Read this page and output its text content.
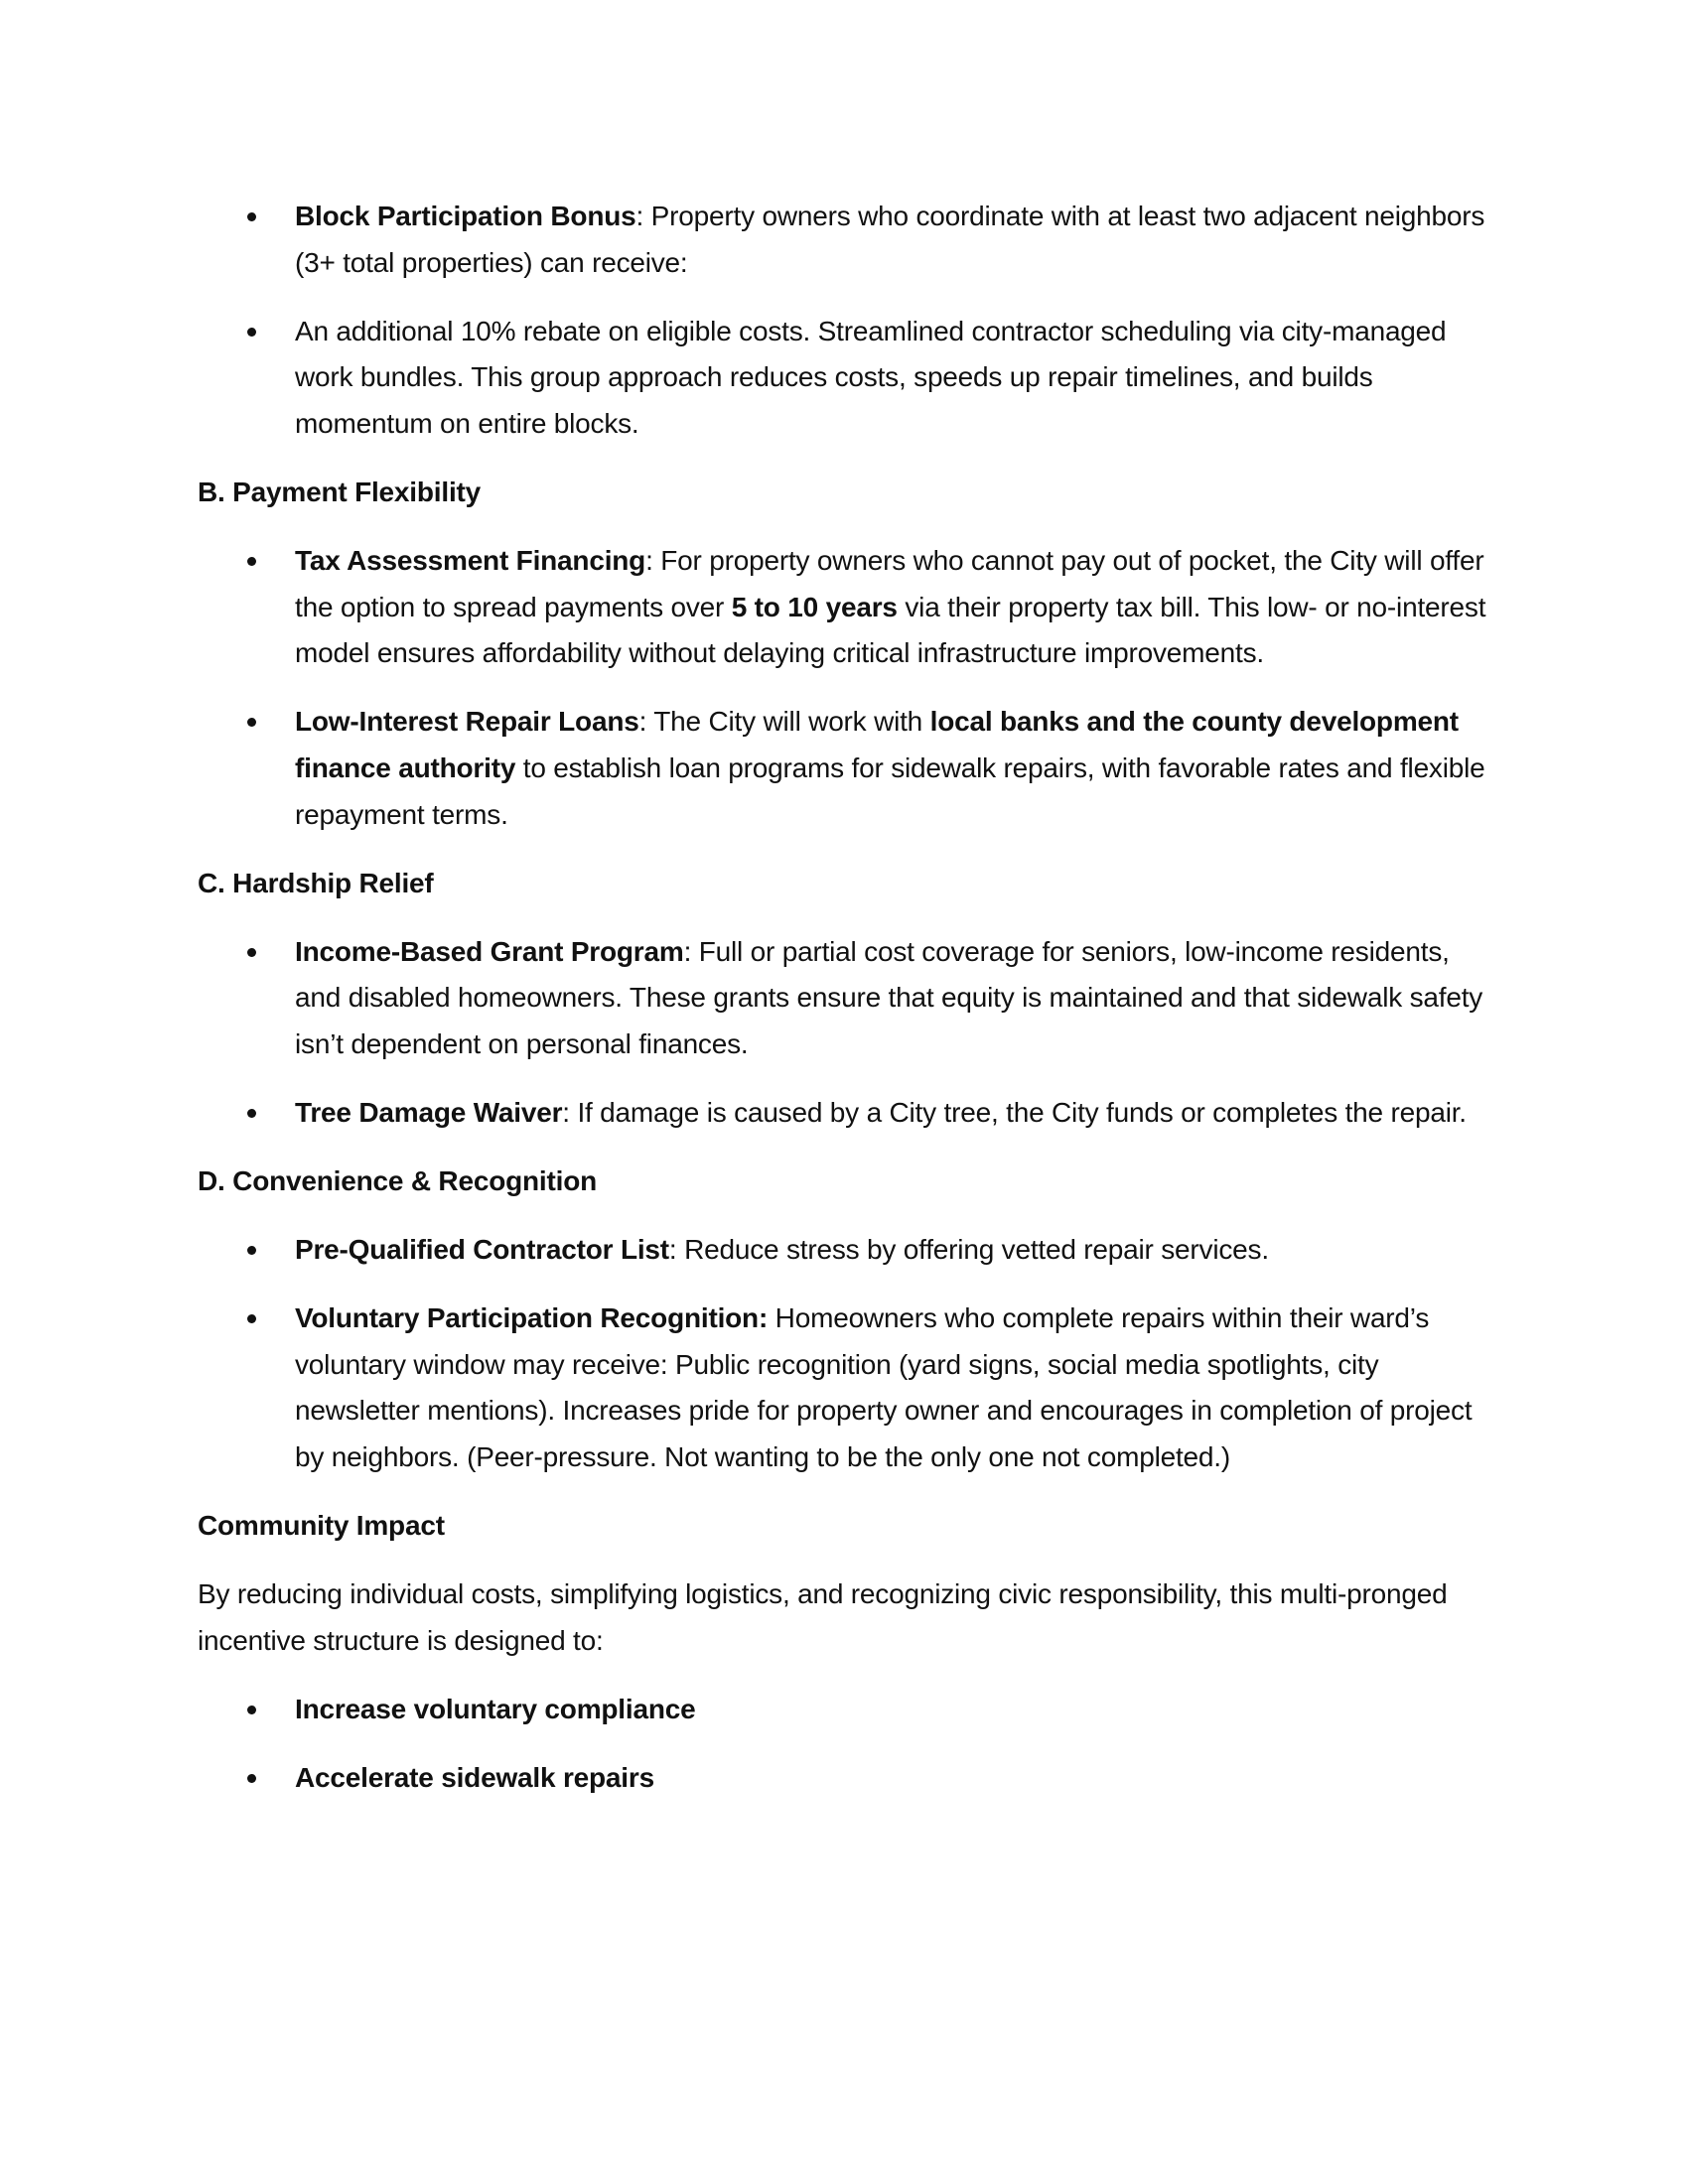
Block Participation Bonus: Property owners who coordinate with at least two adjacent neighbors (3+ total properties) can receive:
An additional 10% rebate on eligible costs. Streamlined contractor scheduling via city-managed work bundles. This group approach reduces costs, speeds up repair timelines, and builds momentum on entire blocks.
B. Payment Flexibility
Tax Assessment Financing: For property owners who cannot pay out of pocket, the City will offer the option to spread payments over 5 to 10 years via their property tax bill. This low- or no-interest model ensures affordability without delaying critical infrastructure improvements.
Low-Interest Repair Loans: The City will work with local banks and the county development finance authority to establish loan programs for sidewalk repairs, with favorable rates and flexible repayment terms.
C. Hardship Relief
Income-Based Grant Program: Full or partial cost coverage for seniors, low-income residents, and disabled homeowners. These grants ensure that equity is maintained and that sidewalk safety isn’t dependent on personal finances.
Tree Damage Waiver: If damage is caused by a City tree, the City funds or completes the repair.
D. Convenience & Recognition
Pre-Qualified Contractor List: Reduce stress by offering vetted repair services.
Voluntary Participation Recognition: Homeowners who complete repairs within their ward’s voluntary window may receive: Public recognition (yard signs, social media spotlights, city newsletter mentions). Increases pride for property owner and encourages in completion of project by neighbors. (Peer-pressure. Not wanting to be the only one not completed.)
Community Impact

By reducing individual costs, simplifying logistics, and recognizing civic responsibility, this multi-pronged incentive structure is designed to:

Increase voluntary compliance
Accelerate sidewalk repairs
